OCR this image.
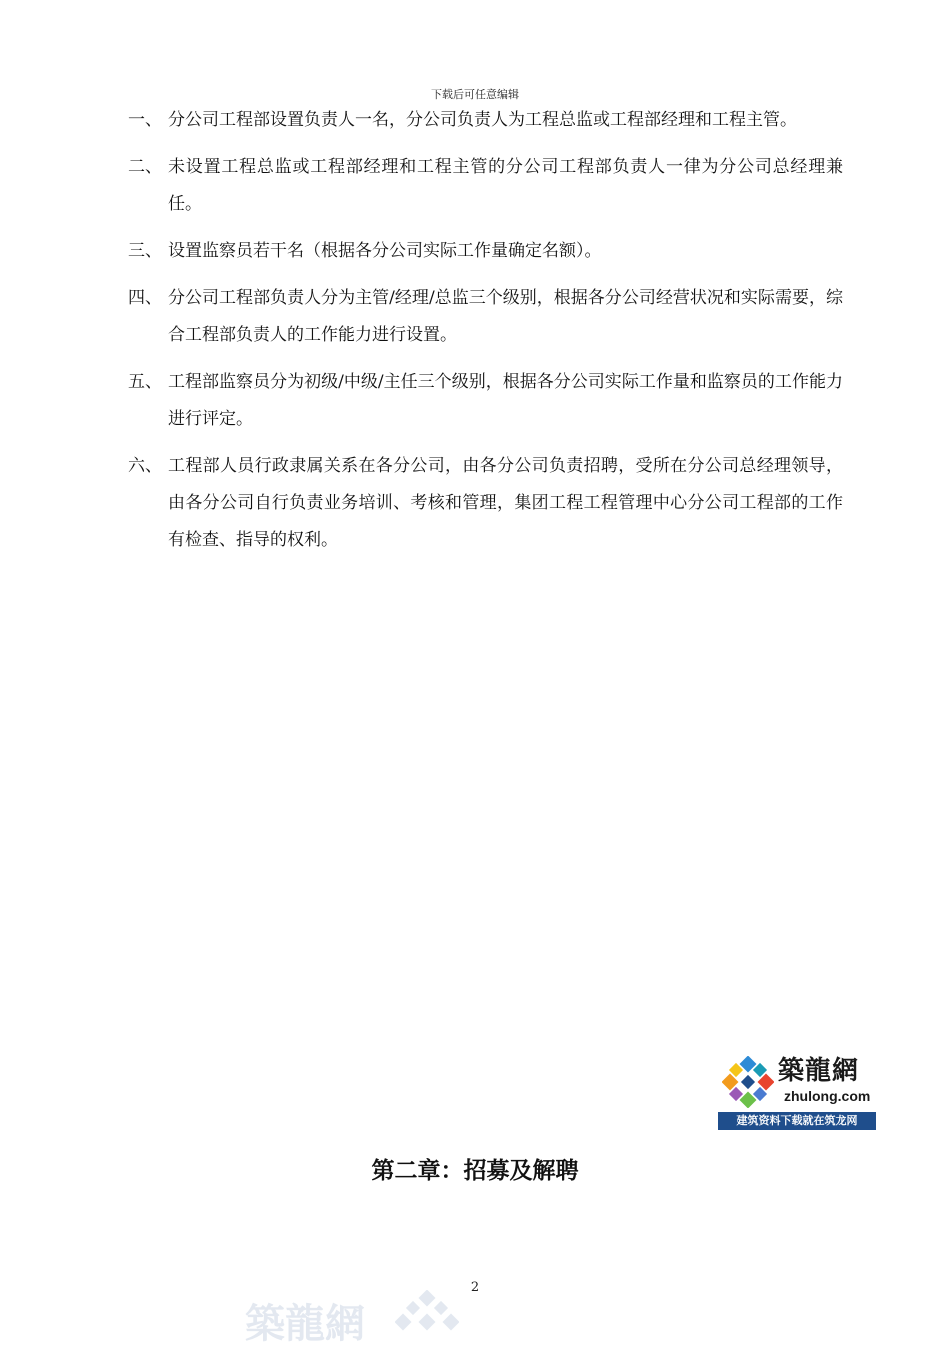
下载后可任意编辑
一、 分公司工程部设置负责人一名，分公司负责人为工程总监或工程部经理和工程主管。
二、 未设置工程总监或工程部经理和工程主管的分公司工程部负责人一律为分公司总经理兼任。
三、 设置监察员若干名（根据各分公司实际工作量确定名额）。
四、 分公司工程部负责人分为主管/经理/总监三个级别，根据各分公司经营状况和实际需要，综合工程部负责人的工作能力进行设置。
五、 工程部监察员分为初级/中级/主任三个级别，根据各分公司实际工作量和监察员的工作能力进行评定。
六、 工程部人员行政隶属关系在各分公司，由各分公司负责招聘，受所在分公司总经理领导，由各分公司自行负责业务培训、考核和管理，集团工程工程管理中心分公司工程部的工作有检查、指导的权利。
築龍網
zhulong.com
建筑资料下载就在筑龙网
第二章：招募及解聘
2
築龍網
